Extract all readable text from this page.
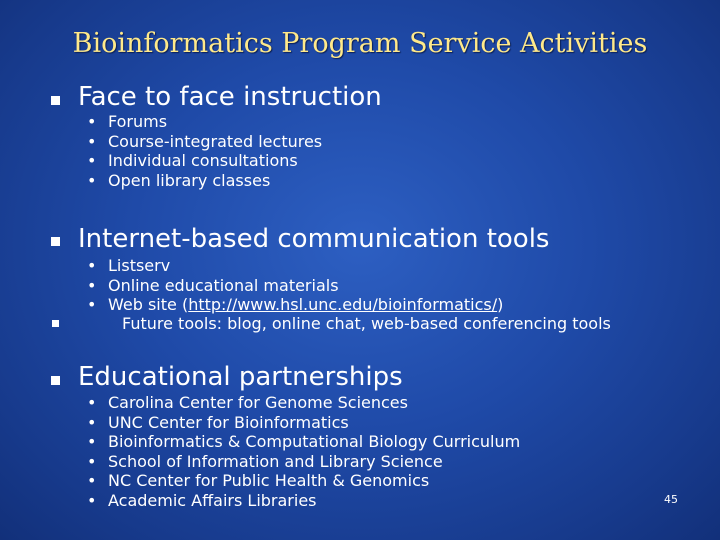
Bioinformatics Program Service Activities
Face to face instruction
• Forums
• Course-integrated lectures
• Individual consultations
• Open library classes
Internet-based communication tools
• Listserv
• Online educational materials
• Web site (http://www.hsl.unc.edu/bioinformatics/)
Future tools: blog, online chat, web-based conferencing tools
Educational partnerships
• Carolina Center for Genome Sciences
• UNC Center for Bioinformatics
• Bioinformatics & Computational Biology Curriculum
• School of Information and Library Science
• NC Center for Public Health & Genomics
• Academic Affairs Libraries	45
